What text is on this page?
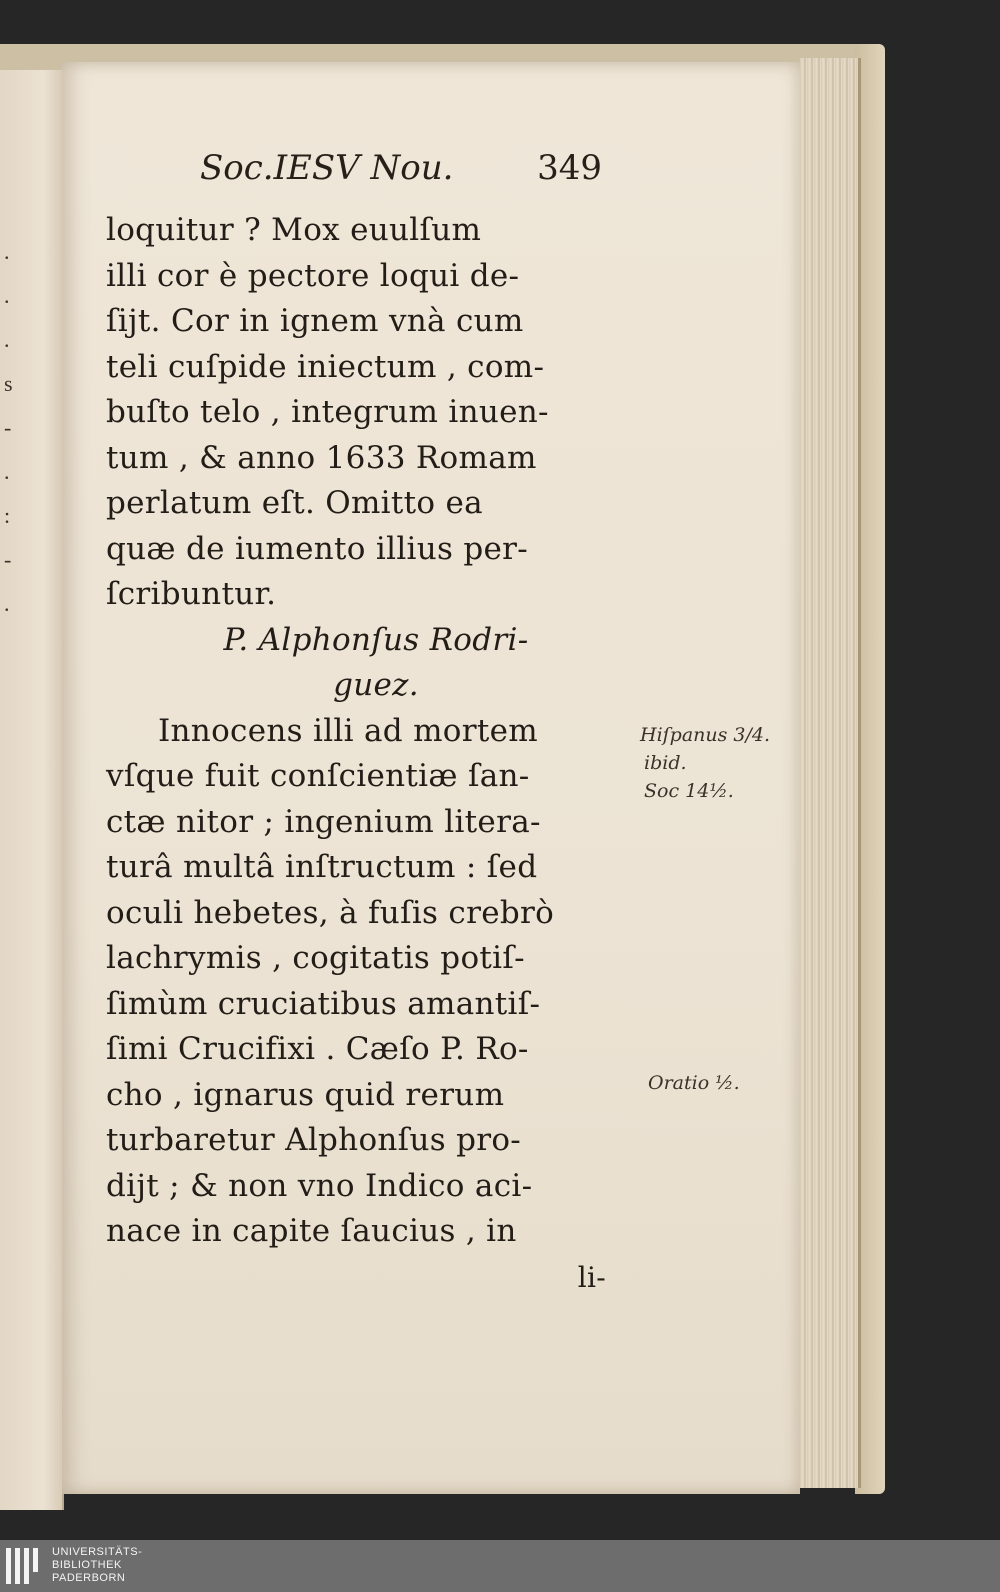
.
.
.
s
-
.
:
-
.
Soc.IESV Nou. 349
loquitur ? Mox euulſum
illi cor è pectore loqui de-
ſijt. Cor in ignem vnà cum
teli cuſpide iniectum , com-
buſto telo , integrum inuen-
tum , & anno 1633 Romam
perlatum eſt. Omitto ea
quæ de iumento illius per-
ſcribuntur.
P. Alphonſus Rodri-
guez.
Innocens illi ad mortem
vſque fuit conſcientiæ ſan-
ctæ nitor ; ingenium litera-
turâ multâ inſtructum : ſed
oculi hebetes, à fuſis crebrò
lachrymis , cogitatis potiſ-
ſimùm cruciatibus amantiſ-
ſimi Crucifixi . Cæſo P. Ro-
cho , ignarus quid rerum
turbaretur Alphonſus pro-
dijt ; & non vno Indico aci-
nace in capite ſaucius , in
li-
Hiſpanus 3/4.
ibid.
Soc 14½.
Oratio ½.
UNIVERSITÄTS-
BIBLIOTHEK
PADERBORN
